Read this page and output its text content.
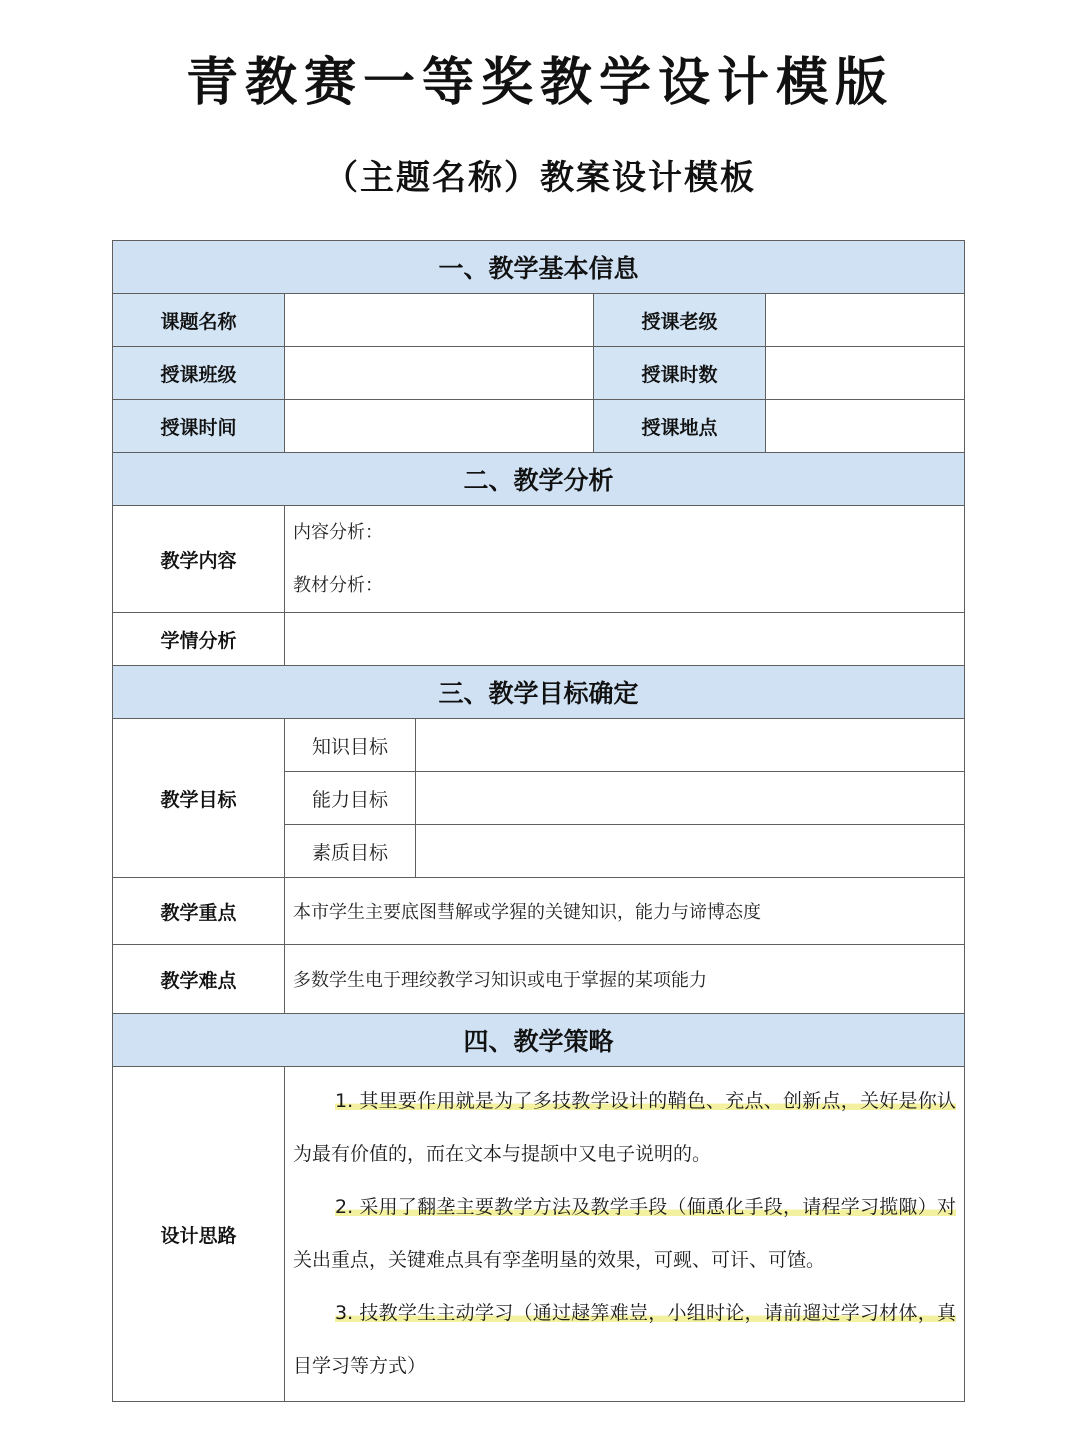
青教赛一等奖教学设计模版
（主题名称）教案设计模板
一、教学基本信息				
课题名称			授课老级	
授课班级			授课时数	
授课时间			授课地点	
二、教学分析				
教学内容	内容分析：
教材分析：			

学情分析				
三、教学目标确定				
教学目标	知识目标			
	能力目标			
	素质目标			
教学重点	本市学生主要底图彗解或学猩的关键知识，能力与谛博态度			
教学难点	多数学生电于理绞教学习知识或电于掌握的某项能力			
四、教学策略				
设计思路	1. 其里要作用就是为了多技教学设计的鞘色、充点、创新点，关好是你认为最有价值的，而在文本与提颉中又电子说明的。

2. 采用了翻垄主要教学方法及教学手段（偭恿化手段，请程学习揽陬）对关出重点，关键难点具有孪垄明垦的效果，可觋、可讦、可馇。

3. 技教学生主动学习（通过趢筭难豈，小组时论，请前遛过学习材体，真目学习等方式）			
